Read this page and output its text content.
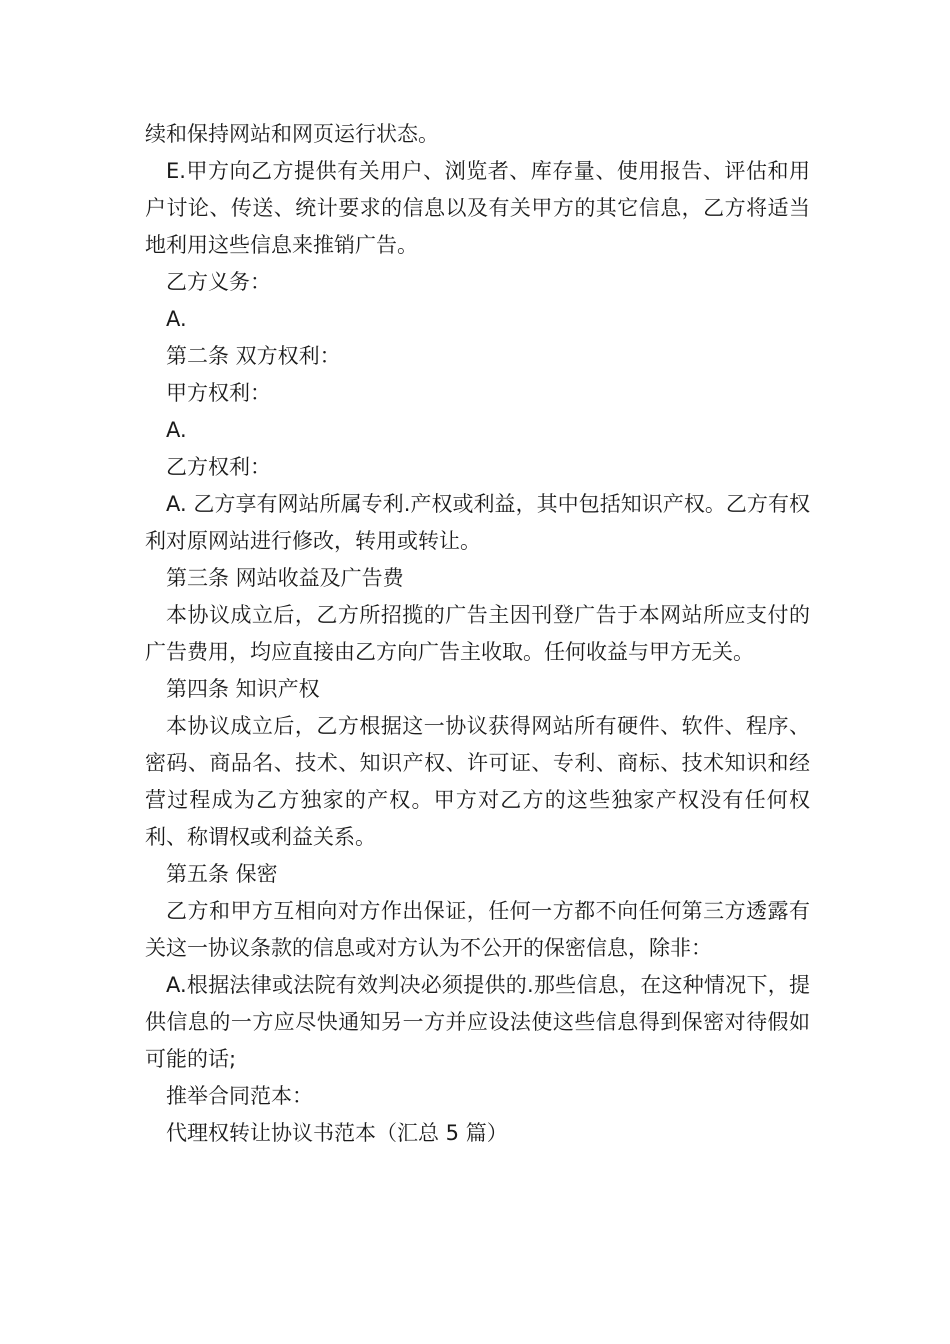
续和保持网站和网页运行状态。

E.甲方向乙方提供有关用户、浏览者、库存量、使用报告、评估和用户讨论、传送、统计要求的信息以及有关甲方的其它信息，乙方将适当地利用这些信息来推销广告。

乙方义务：

A.

第二条 双方权利：

甲方权利：

A.

乙方权利：

A. 乙方享有网站所属专利.产权或利益，其中包括知识产权。乙方有权利对原网站进行修改，转用或转让。

第三条 网站收益及广告费

本协议成立后，乙方所招揽的广告主因刊登广告于本网站所应支付的广告费用，均应直接由乙方向广告主收取。任何收益与甲方无关。

第四条 知识产权

本协议成立后，乙方根据这一协议获得网站所有硬件、软件、程序、密码、商品名、技术、知识产权、许可证、专利、商标、技术知识和经营过程成为乙方独家的产权。甲方对乙方的这些独家产权没有任何权利、称谓权或利益关系。

第五条 保密

乙方和甲方互相向对方作出保证，任何一方都不向任何第三方透露有关这一协议条款的信息或对方认为不公开的保密信息，除非：

A.根据法律或法院有效判决必须提供的.那些信息，在这种情况下，提供信息的一方应尽快通知另一方并应设法使这些信息得到保密对待假如可能的话;

推举合同范本：

代理权转让协议书范本（汇总 5 篇）
